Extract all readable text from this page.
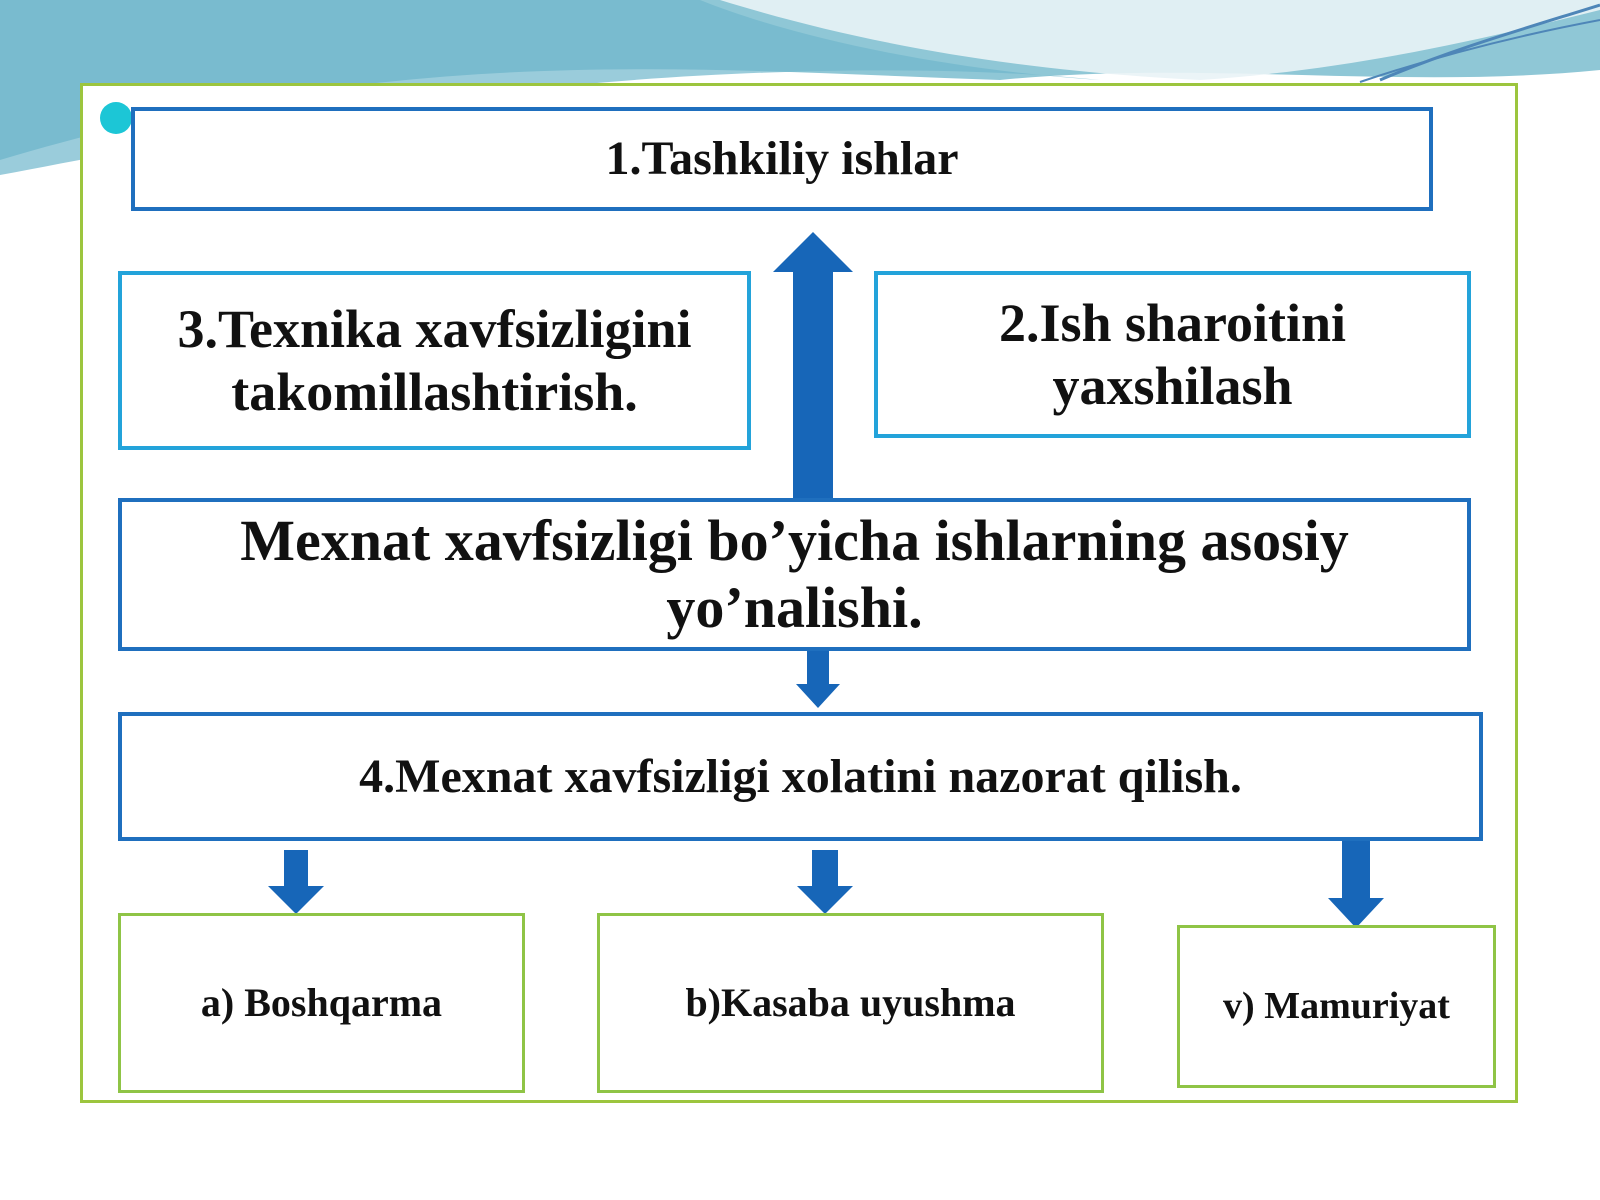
1.Tashkiliy ishlar
3.Texnika xavfsizligini takomillashtirish.
2.Ish sharoitini yaxshilash
Mexnat xavfsizligi bo’yicha ishlarning asosiy yo’nalishi.
4.Mexnat xavfsizligi xolatini nazorat qilish.
a) Boshqarma	b)Kasaba uyushma	v) Mamuriyat
